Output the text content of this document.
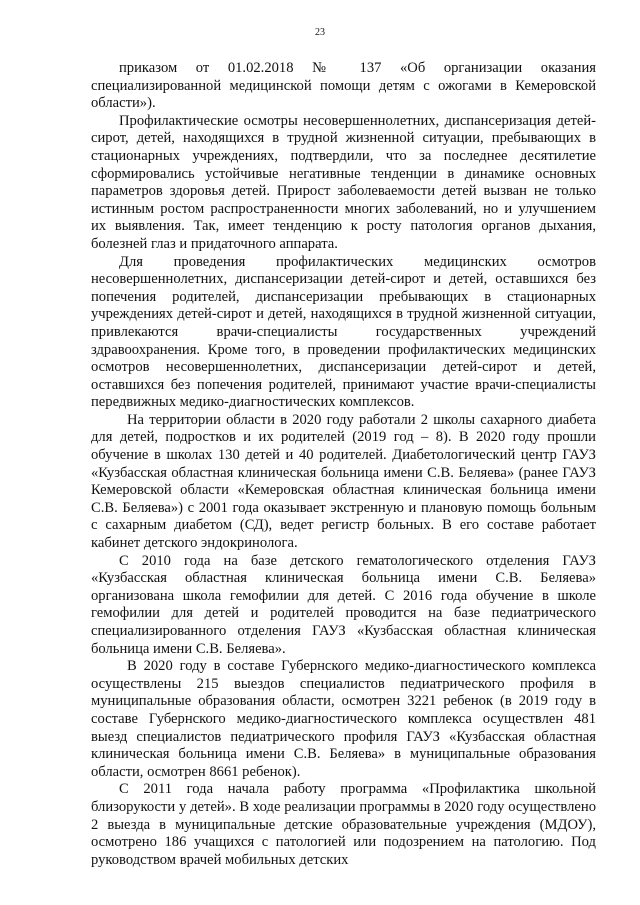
23

приказом от 01.02.2018 № 137 «Об организации оказания специализированной медицинской помощи детям с ожогами в Кемеровской области»).

Профилактические осмотры несовершеннолетних, диспансеризация детей-сирот, детей, находящихся в трудной жизненной ситуации, пребывающих в стационарных учреждениях, подтвердили, что за последнее десятилетие сформировались устойчивые негативные тенденции в динамике основных параметров здоровья детей. Прирост заболеваемости детей вызван не только истинным ростом распространенности многих заболеваний, но и улучшением их выявления. Так, имеет тенденцию к росту патология органов дыхания, болезней глаз и придаточного аппарата.

Для проведения профилактических медицинских осмотров несовершеннолетних, диспансеризации детей-сирот и детей, оставшихся без попечения родителей, диспансеризации пребывающих в стационарных учреждениях детей-сирот и детей, находящихся в трудной жизненной ситуации, привлекаются врачи-специалисты государственных учреждений здравоохранения. Кроме того, в проведении профилактических медицинских осмотров несовершеннолетних, диспансеризации детей-сирот и детей, оставшихся без попечения родителей, принимают участие врачи-специалисты передвижных медико-диагностических комплексов.

На территории области в 2020 году работали 2 школы сахарного диабета для детей, подростков и их родителей (2019 год – 8). В 2020 году прошли обучение в школах 130 детей и 40 родителей. Диабетологический центр ГАУЗ «Кузбасская областная клиническая больница имени С.В. Беляева» (ранее ГАУЗ Кемеровской области «Кемеровская областная клиническая больница имени С.В. Беляева») с 2001 года оказывает экстренную и плановую помощь больным с сахарным диабетом (СД), ведет регистр больных. В его составе работает кабинет детского эндокринолога.

С 2010 года на базе детского гематологического отделения ГАУЗ «Кузбасская областная клиническая больница имени С.В. Беляева» организована школа гемофилии для детей. С 2016 года обучение в школе гемофилии для детей и родителей проводится на базе педиатрического специализированного отделения ГАУЗ «Кузбасская областная клиническая больница имени С.В. Беляева».

В 2020 году в составе Губернского медико-диагностического комплекса осуществлены 215 выездов специалистов педиатрического профиля в муниципальные образования области, осмотрен 3221 ребенок (в 2019 году в составе Губернского медико-диагностического комплекса осуществлен 481 выезд специалистов педиатрического профиля ГАУЗ «Кузбасская областная клиническая больница имени С.В. Беляева» в муниципальные образования области, осмотрен 8661 ребенок).

С 2011 года начала работу программа «Профилактика школьной близорукости у детей». В ходе реализации программы в 2020 году осуществлено 2 выезда в муниципальные детские образовательные учреждения (МДОУ), осмотрено 186 учащихся с патологией или подозрением на патологию. Под руководством врачей мобильных детских
